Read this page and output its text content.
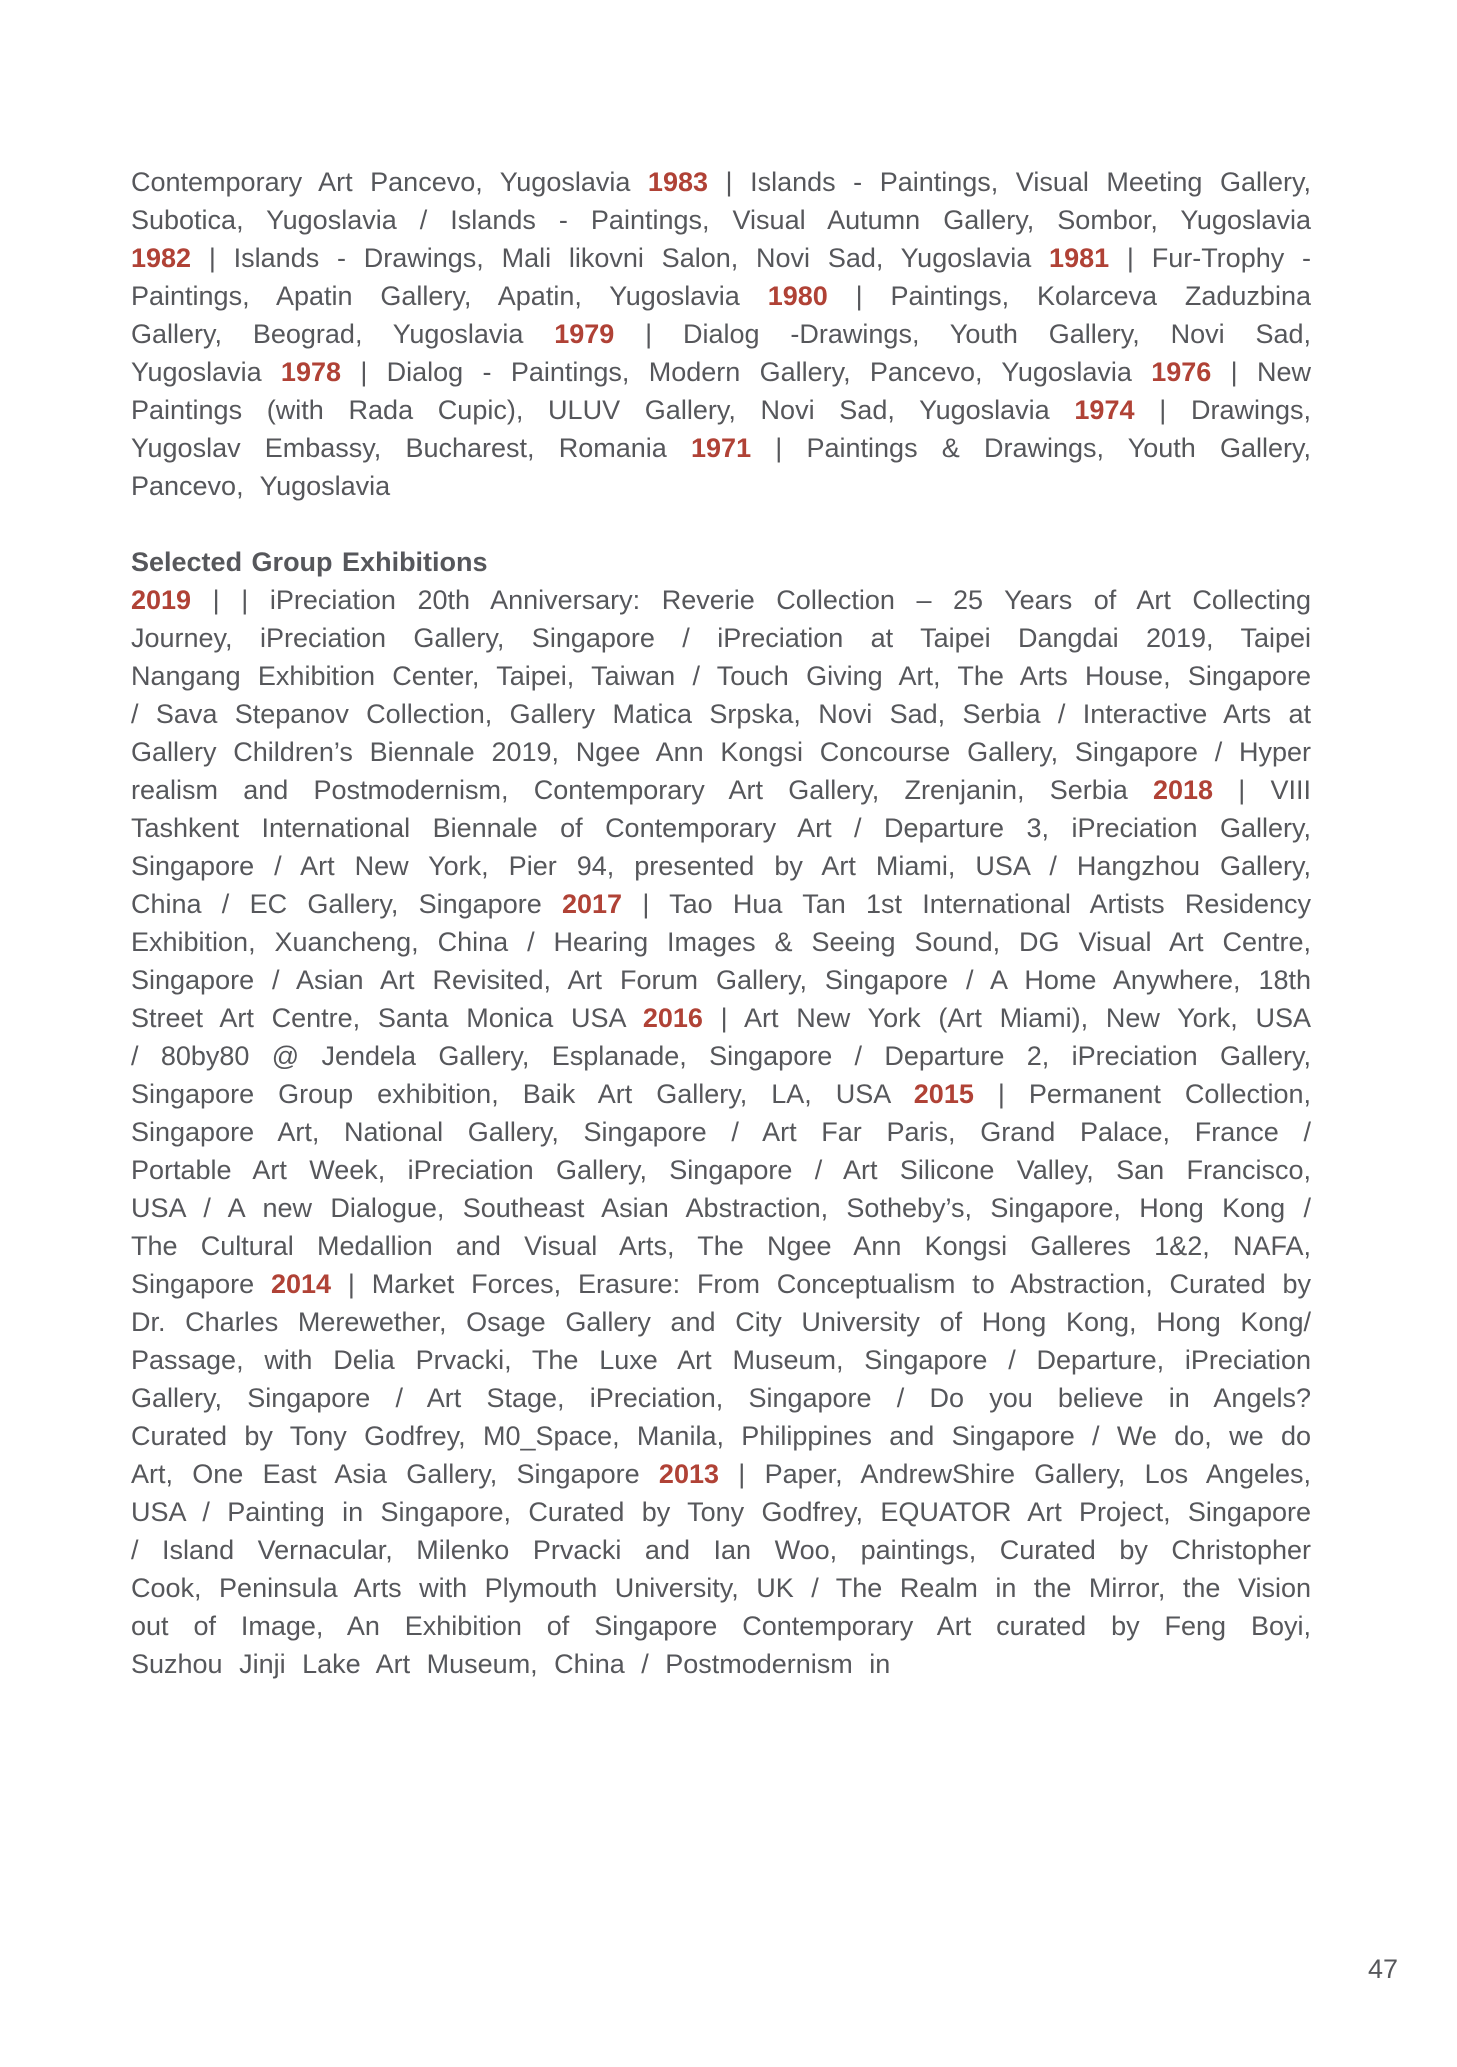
Contemporary Art Pancevo, Yugoslavia 1983 | Islands - Paintings, Visual Meeting Gallery, Subotica, Yugoslavia / Islands - Paintings, Visual Autumn Gallery, Sombor, Yugoslavia 1982 | Islands - Drawings, Mali likovni Salon, Novi Sad, Yugoslavia 1981 | Fur-Trophy - Paintings, Apatin Gallery, Apatin, Yugoslavia 1980 | Paintings, Kolarceva Zaduzbina Gallery, Beograd, Yugoslavia 1979 | Dialog -Drawings, Youth Gallery, Novi Sad, Yugoslavia 1978 | Dialog - Paintings, Modern Gallery, Pancevo, Yugoslavia 1976 | New Paintings (with Rada Cupic), ULUV Gallery, Novi Sad, Yugoslavia 1974 | Drawings, Yugoslav Embassy, Bucharest, Romania 1971 | Paintings & Drawings, Youth Gallery, Pancevo, Yugoslavia

Selected Group Exhibitions

2019 | | iPreciation 20th Anniversary: Reverie Collection – 25 Years of Art Collecting Journey, iPreciation Gallery, Singapore / iPreciation at Taipei Dangdai 2019, Taipei Nangang Exhibition Center, Taipei, Taiwan / Touch Giving Art, The Arts House, Singapore / Sava Stepanov Collection, Gallery Matica Srpska, Novi Sad, Serbia / Interactive Arts at Gallery Children’s Biennale 2019, Ngee Ann Kongsi Concourse Gallery, Singapore / Hyper realism and Postmodernism, Contemporary Art Gallery, Zrenjanin, Serbia 2018 | VIII Tashkent International Biennale of Contemporary Art / Departure 3, iPreciation Gallery, Singapore / Art New York, Pier 94, presented by Art Miami, USA / Hangzhou Gallery, China / EC Gallery, Singapore 2017 | Tao Hua Tan 1st International Artists Residency Exhibition, Xuancheng, China / Hearing Images & Seeing Sound, DG Visual Art Centre, Singapore / Asian Art Revisited, Art Forum Gallery, Singapore / A Home Anywhere, 18th Street Art Centre, Santa Monica USA 2016 | Art New York (Art Miami), New York, USA / 80by80 @ Jendela Gallery, Esplanade, Singapore / Departure 2, iPreciation Gallery, Singapore Group exhibition, Baik Art Gallery, LA, USA 2015 | Permanent Collection, Singapore Art, National Gallery, Singapore / Art Far Paris, Grand Palace, France / Portable Art Week, iPreciation Gallery, Singapore / Art Silicone Valley, San Francisco, USA / A new Dialogue, Southeast Asian Abstraction, Sotheby’s, Singapore, Hong Kong / The Cultural Medallion and Visual Arts, The Ngee Ann Kongsi Galleres 1&2, NAFA, Singapore 2014 | Market Forces, Erasure: From Conceptualism to Abstraction, Curated by Dr. Charles Merewether, Osage Gallery and City University of Hong Kong, Hong Kong/ Passage, with Delia Prvacki, The Luxe Art Museum, Singapore / Departure, iPreciation Gallery, Singapore / Art Stage, iPreciation, Singapore / Do you believe in Angels? Curated by Tony Godfrey, M0_Space, Manila, Philippines and Singapore / We do, we do Art, One East Asia Gallery, Singapore 2013 | Paper, AndrewShire Gallery, Los Angeles, USA / Painting in Singapore, Curated by Tony Godfrey, EQUATOR Art Project, Singapore / Island Vernacular, Milenko Prvacki and Ian Woo, paintings, Curated by Christopher Cook, Peninsula Arts with Plymouth University, UK / The Realm in the Mirror, the Vision out of Image, An Exhibition of Singapore Contemporary Art curated by Feng Boyi, Suzhou Jinji Lake Art Museum, China / Postmodernism in

47
